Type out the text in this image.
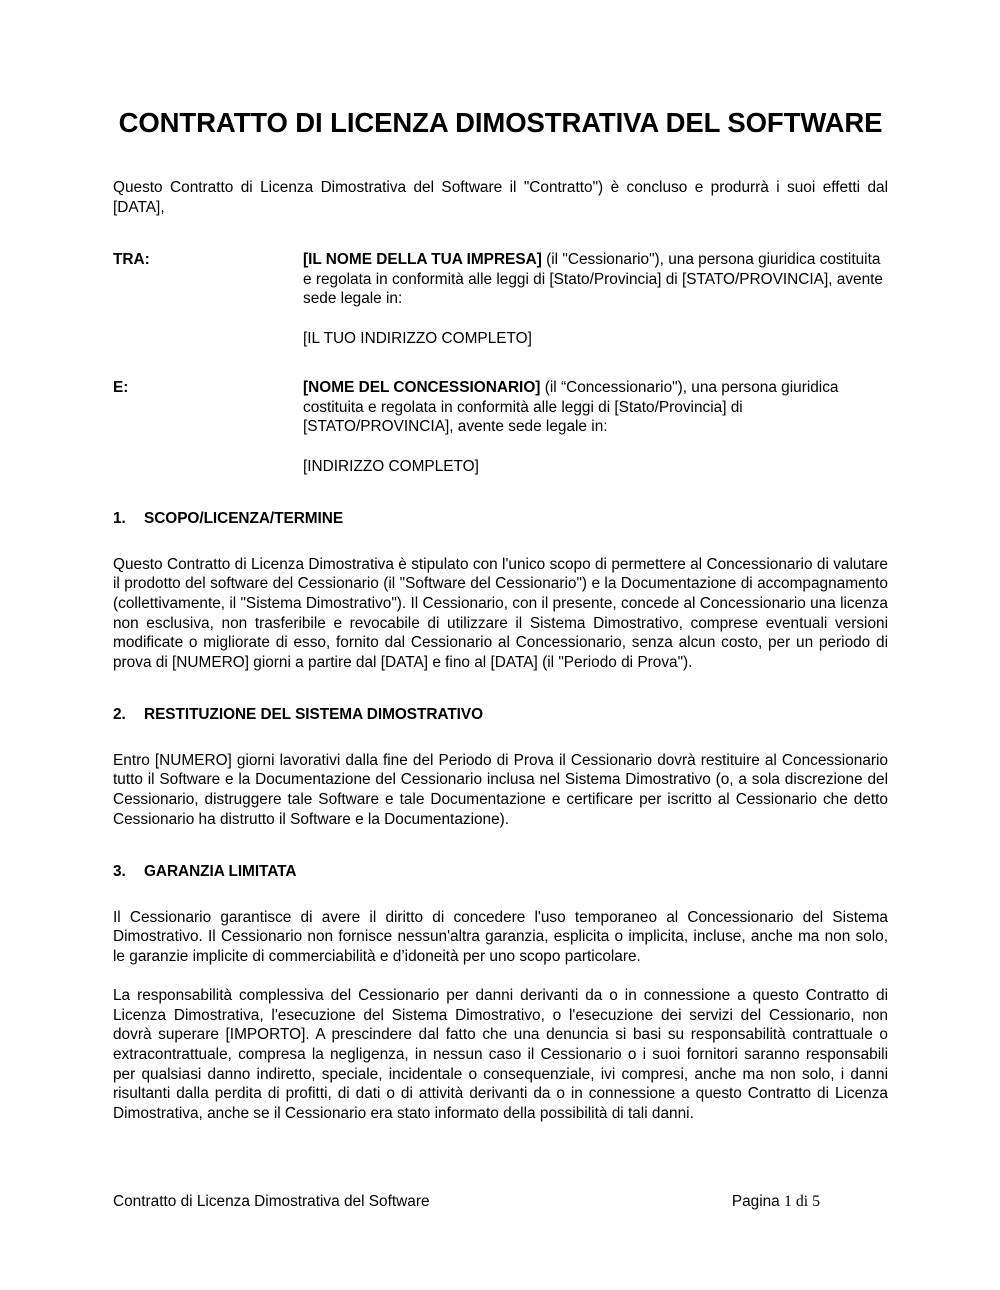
CONTRATTO DI LICENZA DIMOSTRATIVA DEL SOFTWARE

Questo Contratto di Licenza Dimostrativa del Software il "Contratto") è concluso e produrrà i suoi effetti dal [DATA],

TRA:	[IL NOME DELLA TUA IMPRESA] (il "Cessionario"), una persona giuridica costituita e regolata in conformità alle leggi di [Stato/Provincia] di [STATO/PROVINCIA], avente sede legale in:
[IL TUO INDIRIZZO COMPLETO]
E:	[NOME DEL CONCESSIONARIO] (il “Concessionario"), una persona giuridica costituita e regolata in conformità alle leggi di [Stato/Provincia] di [STATO/PROVINCIA], avente sede legale in:
[INDIRIZZO COMPLETO]
1.	SCOPO/LICENZA/TERMINE

Questo Contratto di Licenza Dimostrativa è stipulato con l'unico scopo di permettere al Concessionario di valutare il prodotto del software del Cessionario (il "Software del Cessionario") e la Documentazione di accompagnamento (collettivamente, il "Sistema Dimostrativo"). Il Cessionario, con il presente, concede al Concessionario una licenza non esclusiva, non trasferibile e revocabile di utilizzare il Sistema Dimostrativo, comprese eventuali versioni modificate o migliorate di esso, fornito dal Cessionario al Concessionario, senza alcun costo, per un periodo di prova di [NUMERO] giorni a partire dal [DATA] e fino al [DATA] (il "Periodo di Prova").

2.	RESTITUZIONE DEL SISTEMA DIMOSTRATIVO

Entro [NUMERO] giorni lavorativi dalla fine del Periodo di Prova il Cessionario dovrà restituire al Concessionario tutto il Software e la Documentazione del Cessionario inclusa nel Sistema Dimostrativo (o, a sola discrezione del Cessionario, distruggere tale Software e tale Documentazione e certificare per iscritto al Cessionario che detto Cessionario ha distrutto il Software e la Documentazione).

3.	GARANZIA LIMITATA

Il Cessionario garantisce di avere il diritto di concedere l'uso temporaneo al Concessionario del Sistema Dimostrativo. Il Cessionario non fornisce nessun'altra garanzia, esplicita o implicita, incluse, anche ma non solo, le garanzie implicite di commerciabilità e d’idoneità per uno scopo particolare.

La responsabilità complessiva del Cessionario per danni derivanti da o in connessione a questo Contratto di Licenza Dimostrativa, l'esecuzione del Sistema Dimostrativo, o l'esecuzione dei servizi del Cessionario, non dovrà superare [IMPORTO]. A prescindere dal fatto che una denuncia si basi su responsabilità contrattuale o extracontrattuale, compresa la negligenza, in nessun caso il Cessionario o i suoi fornitori saranno responsabili per qualsiasi danno indiretto, speciale, incidentale o consequenziale, ivi compresi, anche ma non solo, i danni risultanti dalla perdita di profitti, di dati o di attività derivanti da o in connessione a questo Contratto di Licenza Dimostrativa, anche se il Cessionario era stato informato della possibilità di tali danni.

Contratto di Licenza Dimostrativa del Software	Pagina 1 di 5
